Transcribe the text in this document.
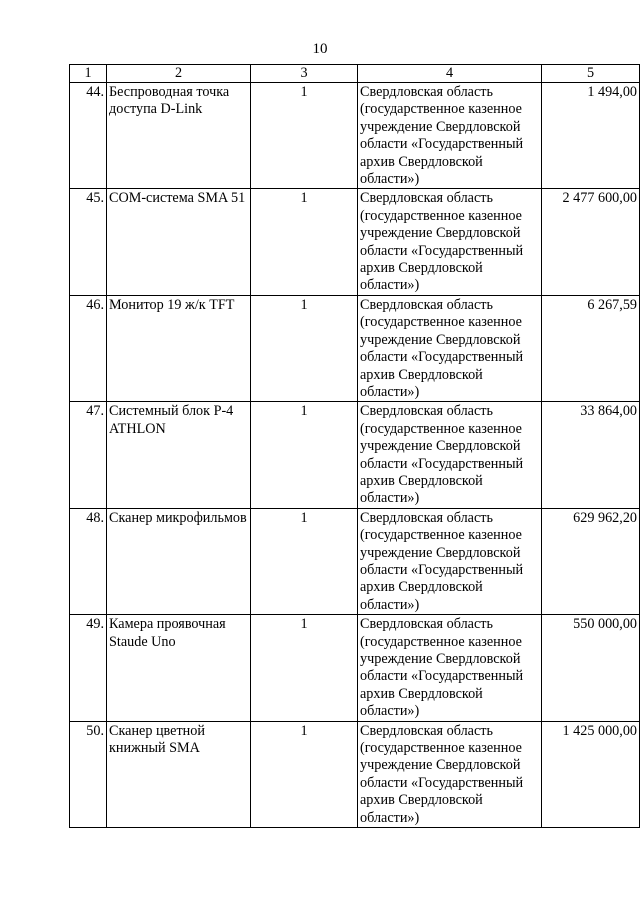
10
1	2	3	4	5
44.	Беспроводная точка доступа D-Link	1	Свердловская область (государственное казенное учреждение Свердловской области «Государственный архив Свердловской области»)	1 494,00
45.	COM-система SMA 51	1	Свердловская область (государственное казенное учреждение Свердловской области «Государственный архив Свердловской области»)	2 477 600,00
46.	Монитор 19 ж/к TFT	1	Свердловская область (государственное казенное учреждение Свердловской области «Государственный архив Свердловской области»)	6 267,59
47.	Системный блок P-4 ATHLON	1	Свердловская область (государственное казенное учреждение Свердловской области «Государственный архив Свердловской области»)	33 864,00
48.	Сканер микрофильмов	1	Свердловская область (государственное казенное учреждение Свердловской области «Государственный архив Свердловской области»)	629 962,20
49.	Камера проявочная Staude Uno	1	Свердловская область (государственное казенное учреждение Свердловской области «Государственный архив Свердловской области»)	550 000,00
50.	Сканер цветной книжный SMA	1	Свердловская область (государственное казенное учреждение Свердловской области «Государственный архив Свердловской области»)	1 425 000,00
